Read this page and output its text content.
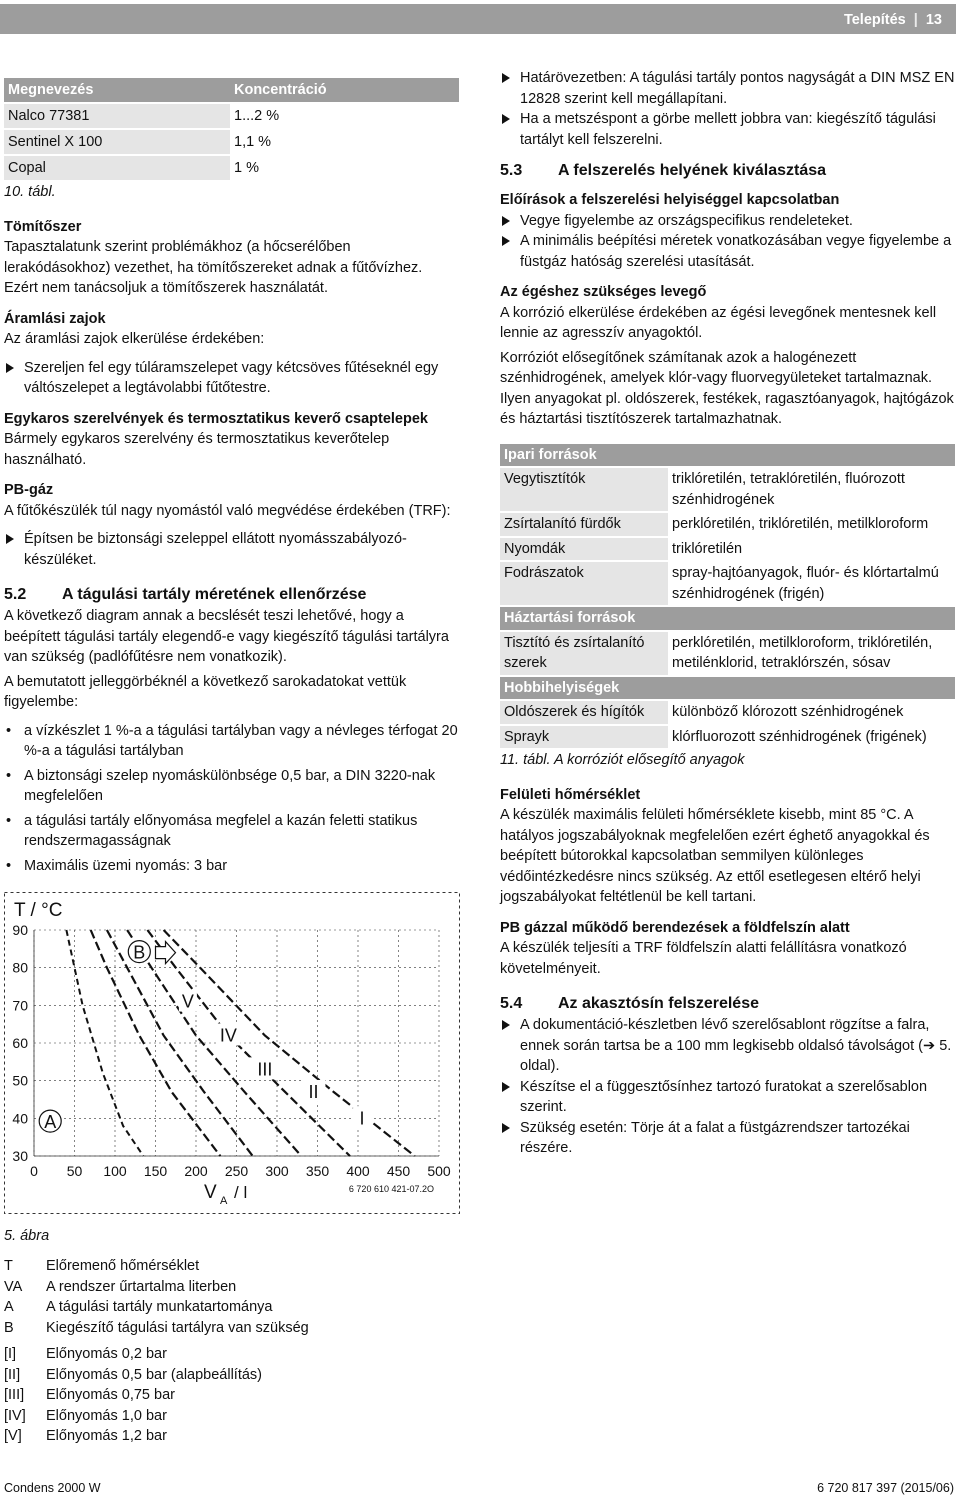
Telepítés | 13
Megnevezés	Koncentráció
Nalco 77381	1...2 %
Sentinel X 100	1,1 %
Copal	1 %

10. tábl.

Tömítőszer

Tapasztalatunk szerint problémákhoz (a hőcserélőben lerakódásokhoz) vezethet, ha tömítőszereket adnak a fűtővízhez. Ezért nem tanácsoljuk a tömítőszerek használatát.

Áramlási zajok

Az áramlási zajok elkerülése érdekében:

Szereljen fel egy túláramszelepet vagy kétcsöves fűtéseknél egy váltószelepet a legtávolabbi fűtőtestre.

Egykaros szerelvények és termosztatikus keverő csaptelepek

Bármely egykaros szerelvény és termosztatikus keverőtelep használható.

PB-gáz

A fűtőkészülék túl nagy nyomástól való megvédése érdekében (TRF):

Építsen be biztonsági szeleppel ellátott nyomásszabályozó-készüléket.

5.2 A tágulási tartály méretének ellenőrzése

A következő diagram annak a becslését teszi lehetővé, hogy a beépített tágulási tartály elegendő-e vagy kiegészítő tágulási tartályra van szükség (padlófűtésre nem vonatkozik).

A bemutatott jelleggörbéknél a következő sarokadatokat vettük figyelembe:

• a vízkészlet 1 %-a a tágulási tartályban vagy a névleges térfogat 20 %-a a tágulási tartályban

• A biztonsági szelep nyomáskülönbsége 0,5 bar, a DIN 3220-nak megfelelően

• a tágulási tartály előnyomása megfelel a kazán feletti statikus rendszermagasságnak

• Maximális üzemi nyomás: 3 bar

0 50 100 150 200 250 300 350 400 450 500
30
40
50
60
70
80
90
T / °C
V A / l	6 720 610 421-07.2O
A
B
V
IV
III
II
I

5. ábra

T	Előremenő hőmérséklet
VA	A rendszer űrtartalma literben
A	A tágulási tartály munkatartománya
B	Kiegészítő tágulási tartályra van szükség
[I]	Előnyomás 0,2 bar
[II]	Előnyomás 0,5 bar (alapbeállítás)
[III]	Előnyomás 0,75 bar
[IV]	Előnyomás 1,0 bar
[V]	Előnyomás 1,2 bar

Határövezetben: A tágulási tartály pontos nagyságát a DIN MSZ EN 12828 szerint kell megállapítani.

Ha a metszéspont a görbe mellett jobbra van: kiegészítő tágulási tartályt kell felszerelni.

5.3 A felszerelés helyének kiválasztása

Előírások a felszerelési helyiséggel kapcsolatban

Vegye figyelembe az országspecifikus rendeleteket.

A minimális beépítési méretek vonatkozásában vegye figyelembe a füstgáz hatóság szerelési utasítását.

Az égéshez szükséges levegő

A korrózió elkerülése érdekében az égési levegőnek mentesnek kell lennie az agresszív anyagoktól.

Korróziót elősegítőnek számítanak azok a halogénezett szénhidrogének, amelyek klór-vagy fluorvegyületeket tartalmaznak. Ilyen anyagokat pl. oldószerek, festékek, ragasztóanyagok, hajtógázok és háztartási tisztítószerek tartalmazhatnak.

Ipari források	
Vegytisztítók	triklóretilén, tetraklóretilén, fluórozott szénhidrogének
Zsírtalanító fürdők	perklóretilén, triklóretilén, metilkloroform
Nyomdák	triklóretilén
Fodrászatok	spray-hajtóanyagok, fluór- és klórtartalmú szénhidrogének (frigén)
Háztartási források	
Tisztító és zsírtalanító szerek	perklóretilén, metilkloroform, triklóretilén, metilénklorid, tetraklórszén, sósav
Hobbihelyiségek	
Oldószerek és hígítók	különböző klórozott szénhidrogének
Sprayk	klórfluorozott szénhidrogének (frigének)

11. tábl. A korróziót elősegítő anyagok

Felületi hőmérséklet

A készülék maximális felületi hőmérséklete kisebb, mint 85 °C. A hatályos jogszabályoknak megfelelően ezért éghető anyagokkal és beépített bútorokkal kapcsolatban semmilyen különleges védőintézkedésre nincs szükség. Az ettől esetlegesen eltérő helyi jogszabályokat feltétlenül be kell tartani.

PB gázzal működő berendezések a földfelszín alatt

A készülék teljesíti a TRF földfelszín alatti felállításra vonatkozó követelményeit.

5.4 Az akasztósín felszerelése

A dokumentáció-készletben lévő szerelősablont rögzítse a falra, ennek során tartsa be a 100 mm legkisebb oldalsó távolságot (➔ 5. oldal).

Készítse el a függesztősínhez tartozó furatokat a szerelősablon szerint.

Szükség esetén: Törje át a falat a füstgázrendszer tartozékai részére.

Condens 2000 W	6 720 817 397 (2015/06)
